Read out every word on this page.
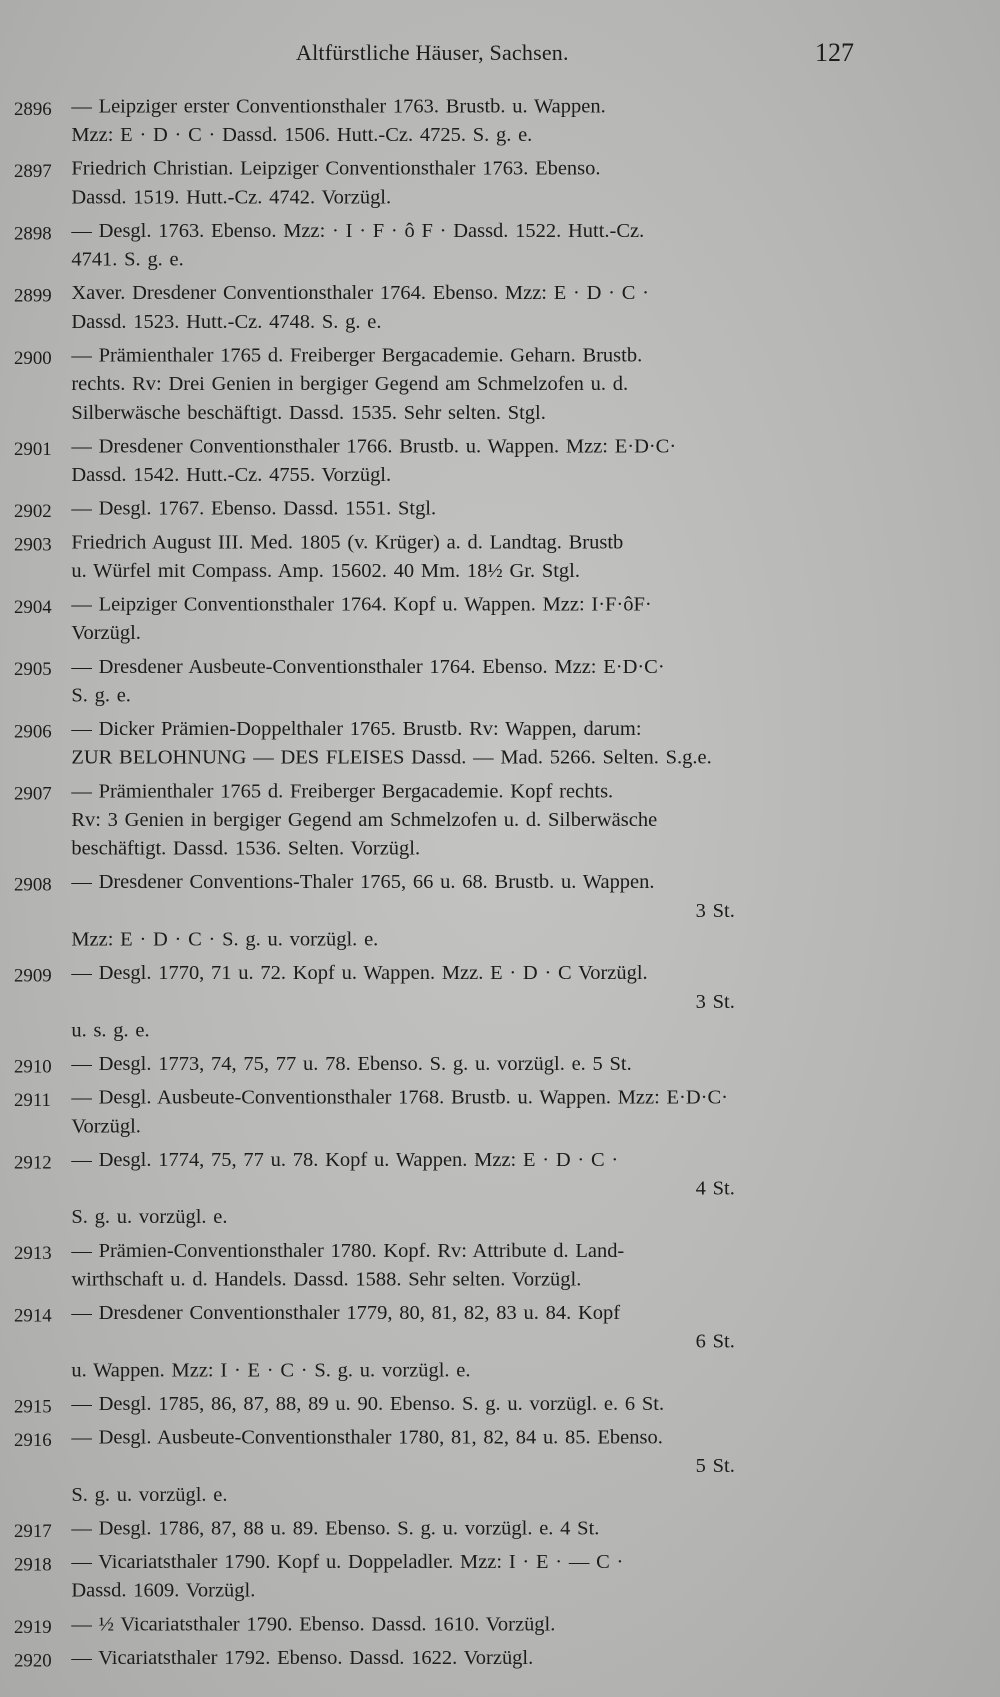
Altfürstliche Häuser, Sachsen.	127
2896 — Leipziger erster Conventionsthaler 1763. Brustb. u. Wappen.

Mzz: E · D · C · Dassd. 1506. Hutt.-Cz. 4725. S. g. e.

2897 Friedrich Christian. Leipziger Conventionsthaler 1763. Ebenso.

Dassd. 1519. Hutt.-Cz. 4742. Vorzügl.

2898 — Desgl. 1763. Ebenso. Mzz: · I · F · ô F · Dassd. 1522. Hutt.-Cz.

4741. S. g. e.

2899 Xaver. Dresdener Conventionsthaler 1764. Ebenso. Mzz: E · D · C ·

Dassd. 1523. Hutt.-Cz. 4748. S. g. e.

2900 — Prämienthaler 1765 d. Freiberger Bergacademie. Geharn. Brustb.

rechts. Rv: Drei Genien in bergiger Gegend am Schmelzofen u. d.

Silberwäsche beschäftigt. Dassd. 1535. Sehr selten. Stgl.

2901 — Dresdener Conventionsthaler 1766. Brustb. u. Wappen. Mzz: E·D·C·

Dassd. 1542. Hutt.-Cz. 4755. Vorzügl.

2902 — Desgl. 1767. Ebenso. Dassd. 1551. Stgl.

2903 Friedrich August III. Med. 1805 (v. Krüger) a. d. Landtag. Brustb

u. Würfel mit Compass. Amp. 15602. 40 Mm. 18½ Gr. Stgl.

2904 — Leipziger Conventionsthaler 1764. Kopf u. Wappen. Mzz: I·F·ôF·

Vorzügl.

2905 — Dresdener Ausbeute-Conventionsthaler 1764. Ebenso. Mzz: E·D·C·

S. g. e.

2906 — Dicker Prämien-Doppelthaler 1765. Brustb. Rv: Wappen, darum:

ZUR BELOHNUNG — DES FLEISES Dassd. — Mad. 5266. Selten. S.g.e.

2907 — Prämienthaler 1765 d. Freiberger Bergacademie. Kopf rechts.

Rv: 3 Genien in bergiger Gegend am Schmelzofen u. d. Silberwäsche

beschäftigt. Dassd. 1536. Selten. Vorzügl.

2908 — Dresdener Conventions-Thaler 1765, 66 u. 68. Brustb. u. Wappen.

3 St.

Mzz: E · D · C · S. g. u. vorzügl. e.

2909 — Desgl. 1770, 71 u. 72. Kopf u. Wappen. Mzz. E · D · C Vorzügl.

3 St.

u. s. g. e.

2910 — Desgl. 1773, 74, 75, 77 u. 78. Ebenso. S. g. u. vorzügl. e. 5 St.

2911 — Desgl. Ausbeute-Conventionsthaler 1768. Brustb. u. Wappen. Mzz: E·D·C·

Vorzügl.

2912 — Desgl. 1774, 75, 77 u. 78. Kopf u. Wappen. Mzz: E · D · C ·

4 St.

S. g. u. vorzügl. e.

2913 — Prämien-Conventionsthaler 1780. Kopf. Rv: Attribute d. Land-

wirthschaft u. d. Handels. Dassd. 1588. Sehr selten. Vorzügl.

2914 — Dresdener Conventionsthaler 1779, 80, 81, 82, 83 u. 84. Kopf

6 St.

u. Wappen. Mzz: I · E · C · S. g. u. vorzügl. e.

2915 — Desgl. 1785, 86, 87, 88, 89 u. 90. Ebenso. S. g. u. vorzügl. e. 6 St.

2916 — Desgl. Ausbeute-Conventionsthaler 1780, 81, 82, 84 u. 85. Ebenso.

5 St.

S. g. u. vorzügl. e.

2917 — Desgl. 1786, 87, 88 u. 89. Ebenso. S. g. u. vorzügl. e. 4 St.

2918 — Vicariatsthaler 1790. Kopf u. Doppeladler. Mzz: I · E · — C ·

Dassd. 1609. Vorzügl.

2919 — ½ Vicariatsthaler 1790. Ebenso. Dassd. 1610. Vorzügl.

2920 — Vicariatsthaler 1792. Ebenso. Dassd. 1622. Vorzügl.
